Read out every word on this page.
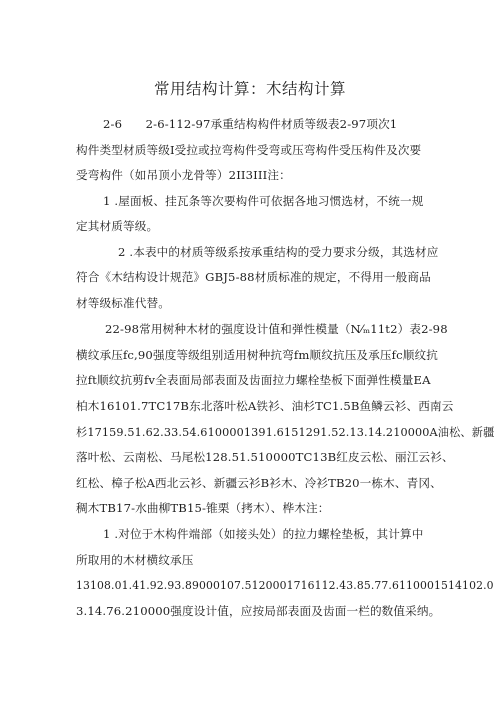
常用结构计算：木结构计算
2-6　　2-6-112-97承重结构构件材质等级表2-97项次1
构件类型材质等级I受拉或拉弯构件受弯或压弯构件受压构件及次要
受弯构件（如吊顶小龙骨等）2II3III注：
1 .屋面板、挂瓦条等次要构件可依据各地习惯选材，不统一规
定其材质等级。
2 .本表中的材质等级系按承重结构的受力要求分级，其选材应
符合《木结构设计规范》GBJ5-88材质标准的规定，不得用一般商品
材等级标准代替。
22-98常用树种木材的强度设计值和弹性模量（N⁄ₘ11t2）表2-98
横纹承压fc,90强度等级组别适用树种抗弯fm顺纹抗压及承压fc顺纹抗
拉ft顺纹抗剪fv全表面局部表面及齿面拉力螺栓垫板下面弹性模量EA
柏木16101.7TC17B东北落叶松A铁衫、油杉TC1.5B鱼鳞云衫、西南云
杉17159.51.62.33.54.6100001391.6151291.52.13.14.210000A油松、新疆
落叶松、云南松、马尾松128.51.510000TC13B红皮云松、丽江云衫、
红松、樟子松A西北云衫、新疆云衫B衫木、冷衫TB20一栋木、青冈、
稠木TB17-水曲柳TB15-锥栗（拷木）、桦木注：
1 .对位于木构件端部（如接头处）的拉力螺栓垫板，其计算中
所取用的木材横纹承压
13108.01.41.92.93.89000107.5120001716112.43.85.77.6110001514102.0
3.14.76.210000强度设计值，应按局部表面及齿面一栏的数值采纳。
